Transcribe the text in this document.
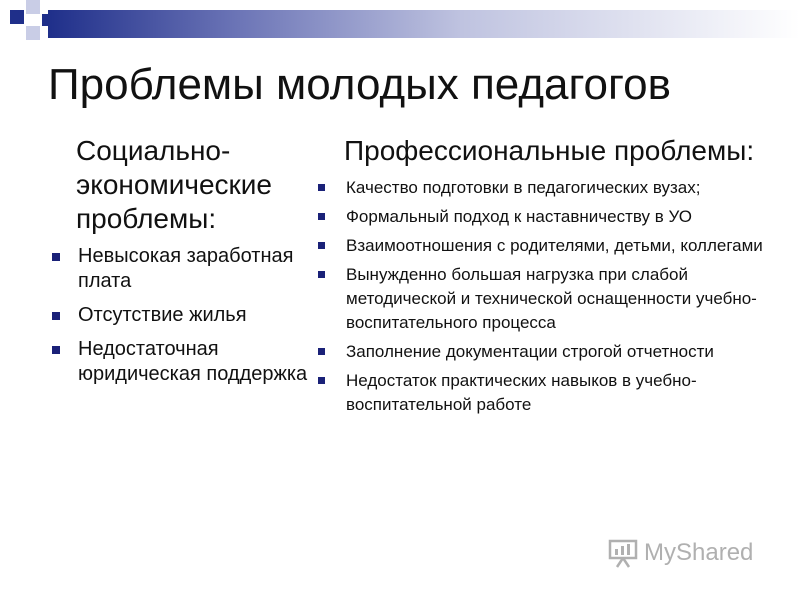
Проблемы молодых педагогов
Социально-экономические проблемы:
Невысокая заработная плата
Отсутствие жилья
Недостаточная юридическая поддержка
Профессиональные проблемы:
Качество подготовки в педагогических вузах;
Формальный подход к наставничеству в УО
Взаимоотношения с родителями, детьми, коллегами
Вынужденно большая нагрузка при слабой методической и технической оснащенности учебно-воспитательного процесса
Заполнение документации строгой отчетности
Недостаток практических навыков в учебно-воспитательной работе
MyShared
